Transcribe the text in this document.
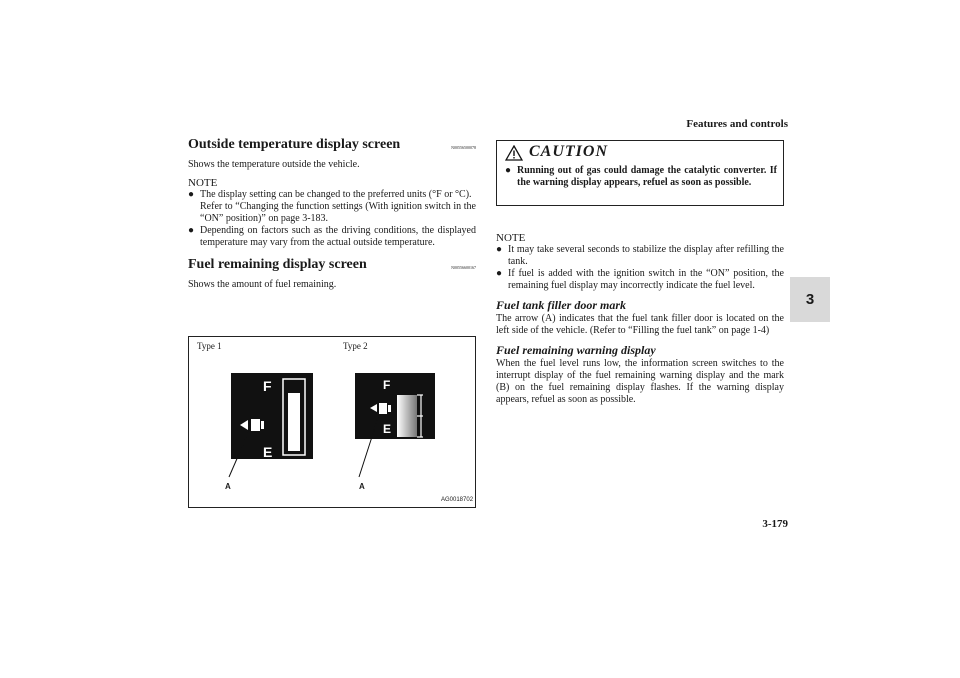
Features and controls
3-179
3
Outside temperature display screen	N00556500078

Shows the temperature outside the vehicle.

NOTE
● The display setting can be changed to the preferred units (°F or °C).
Refer to “Changing the function settings (With ignition switch in the “ON” position)” on page 3-183.
● Depending on factors such as the driving conditions, the displayed temperature may vary from the actual outside temperature.
Fuel remaining display screen	N00556600167

Shows the amount of fuel remaining.

Type 1	Type 2
F
E
A
F
E
A
AG0018702
CAUTION
● Running out of gas could damage the catalytic converter. If the warning display appears, refuel as soon as possible.
NOTE
● It may take several seconds to stabilize the display after refilling the tank.
● If fuel is added with the ignition switch in the “ON” position, the remaining fuel display may incorrectly indicate the fuel level.
Fuel tank filler door mark

The arrow (A) indicates that the fuel tank filler door is located on the left side of the vehicle. (Refer to “Filling the fuel tank” on page 1-4)

Fuel remaining warning display

When the fuel level runs low, the information screen switches to the interrupt display of the fuel remaining warning display and the mark (B) on the fuel remaining display flashes. If the warning display appears, refuel as soon as possible.
